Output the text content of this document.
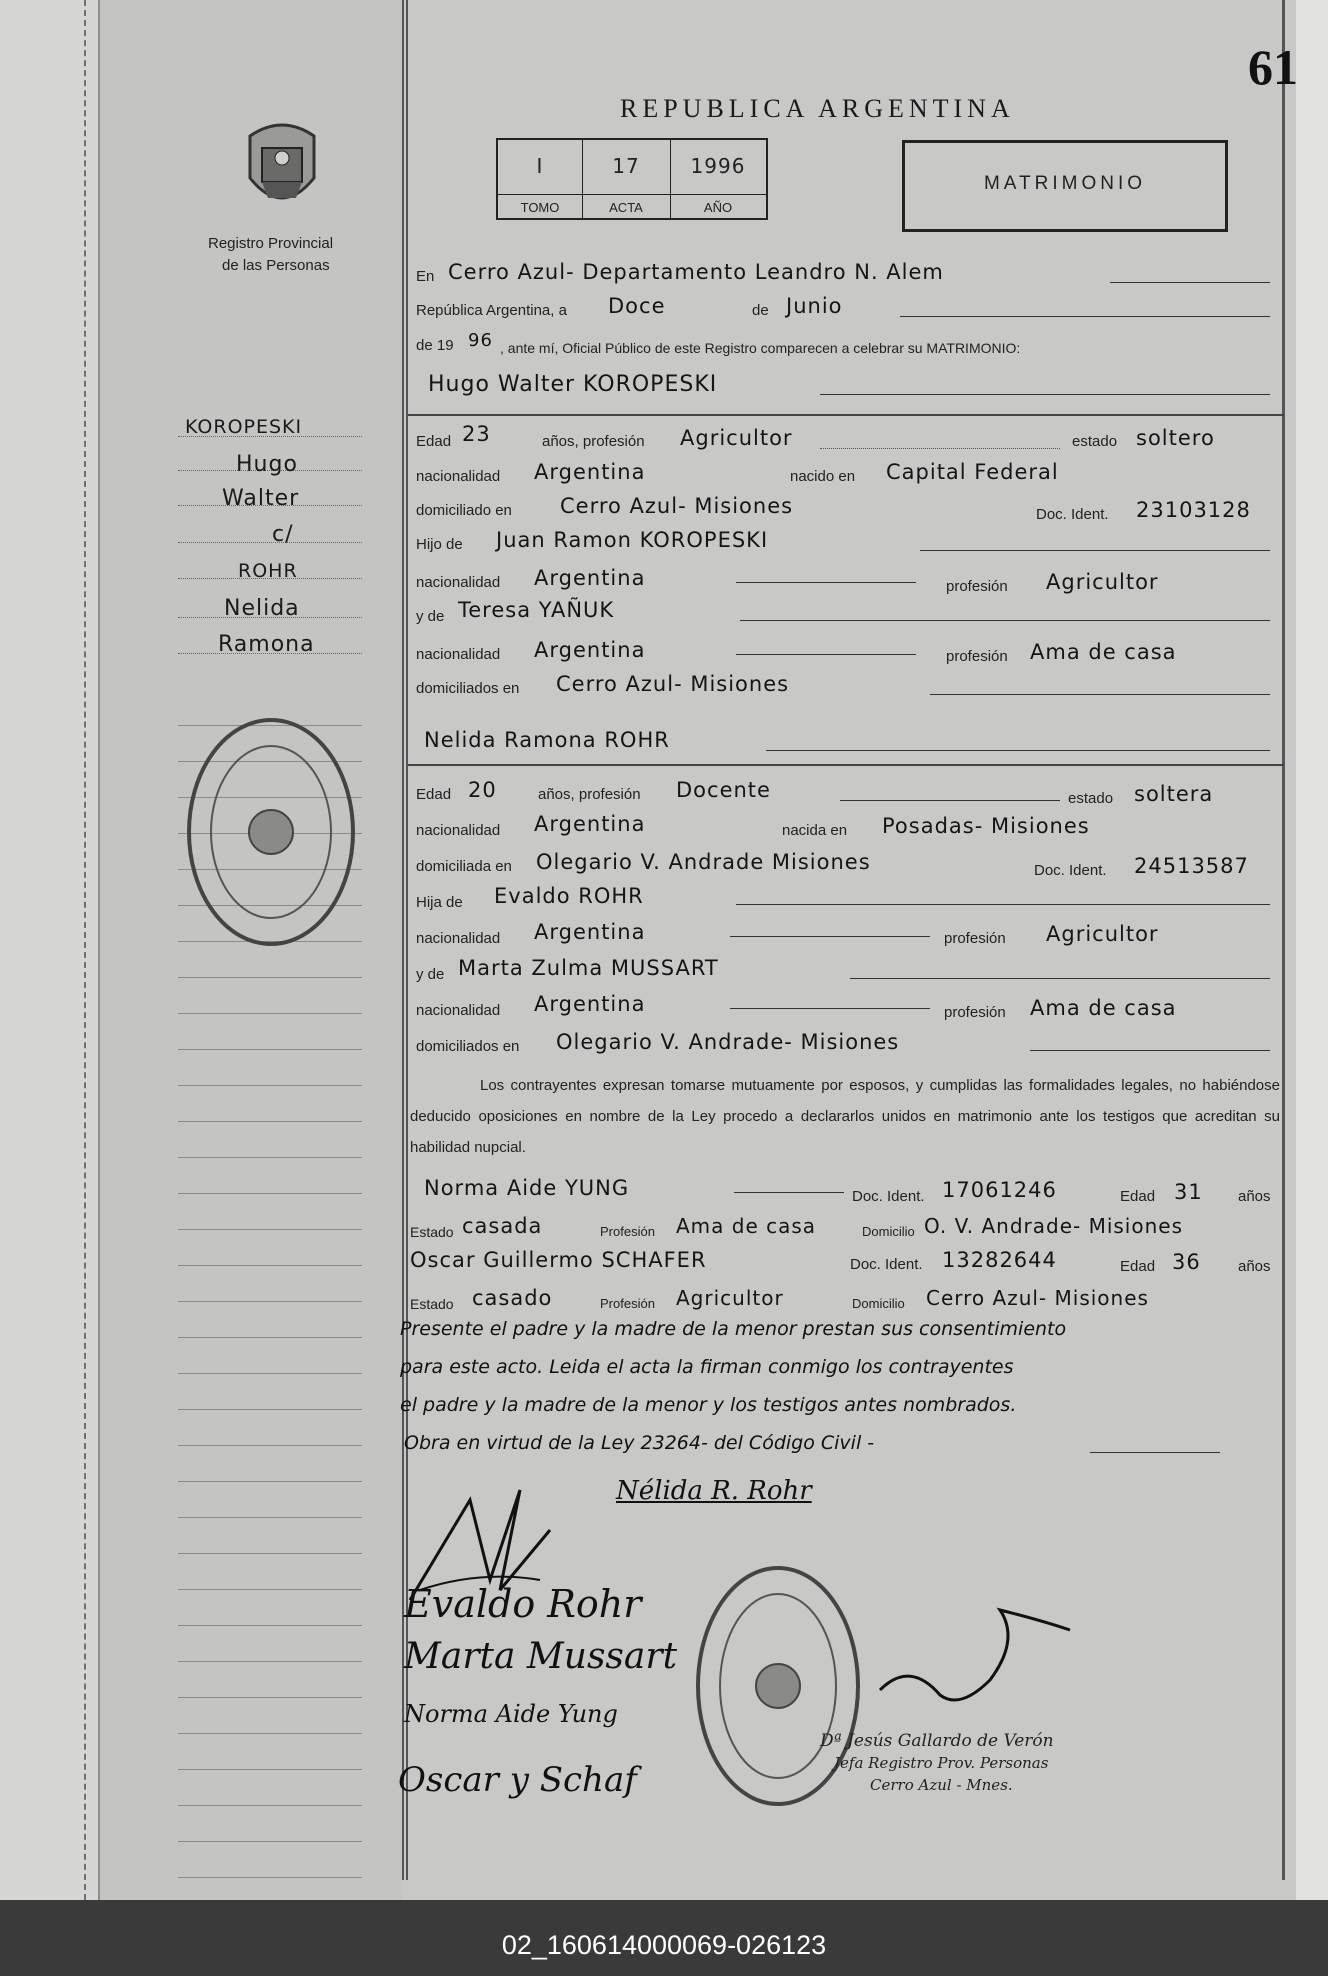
61
REPUBLICA ARGENTINA
Registro Provincial
de las Personas
I	17	1996
TOMO	ACTA	AÑO
MATRIMONIO
KOROPESKI
Hugo
Walter
c/
ROHR
Nelida
Ramona
En Cerro Azul- Departamento Leandro N. Alem
República Argentina, a Doce	de Junio
de 19 96 , ante mí, Oficial Público de este Registro comparecen a celebrar su MATRIMONIO:
Hugo Walter KOROPESKI
Edad 23	años, profesión Agricultor	estado soltero
nacionalidad Argentina	nacido en Capital Federal
domiciliado en Cerro Azul- Misiones	Doc. Ident. 23103128
Hijo de Juan Ramon KOROPESKI
nacionalidad Argentina	profesión Agricultor
y de Teresa YAÑUK
nacionalidad Argentina	profesión Ama de casa
domiciliados en Cerro Azul- Misiones
Nelida Ramona ROHR
Edad 20	años, profesión Docente	estado soltera
nacionalidad Argentina	nacida en Posadas- Misiones
domiciliada en Olegario V. Andrade Misiones	Doc. Ident. 24513587
Hija de Evaldo ROHR
nacionalidad Argentina	profesión Agricultor
y de Marta Zulma MUSSART
nacionalidad Argentina	profesión Ama de casa
domiciliados en Olegario V. Andrade- Misiones
Los contrayentes expresan tomarse mutuamente por esposos, y cumplidas las formalidades legales, no habiéndose deducido oposiciones en nombre de la Ley procedo a declararlos unidos en matrimonio ante los testigos que acreditan su habilidad nupcial.
Norma Aide YUNG	Doc. Ident. 17061246	Edad 31 años
Estado casada	Profesión Ama de casa	Domicilio O. V. Andrade- Misiones
Oscar Guillermo SCHAFER	Doc. Ident. 13282644	Edad 36 años
Estado casado	Profesión Agricultor	Domicilio Cerro Azul- Misiones
Presente el padre y la madre de la menor prestan sus consentimiento
para este acto. Leida el acta la firman conmigo los contrayentes
el padre y la madre de la menor y los testigos antes nombrados.
Obra en virtud de la Ley 23264- del Código Civil -
Nélida R. Rohr
Evaldo Rohr
Marta Mussart
Norma Aide Yung
Oscar y Schaf
Dª Jesús Gallardo de Verón
Jefa Registro Prov. Personas
Cerro Azul - Mnes.
02_160614000069-026123
